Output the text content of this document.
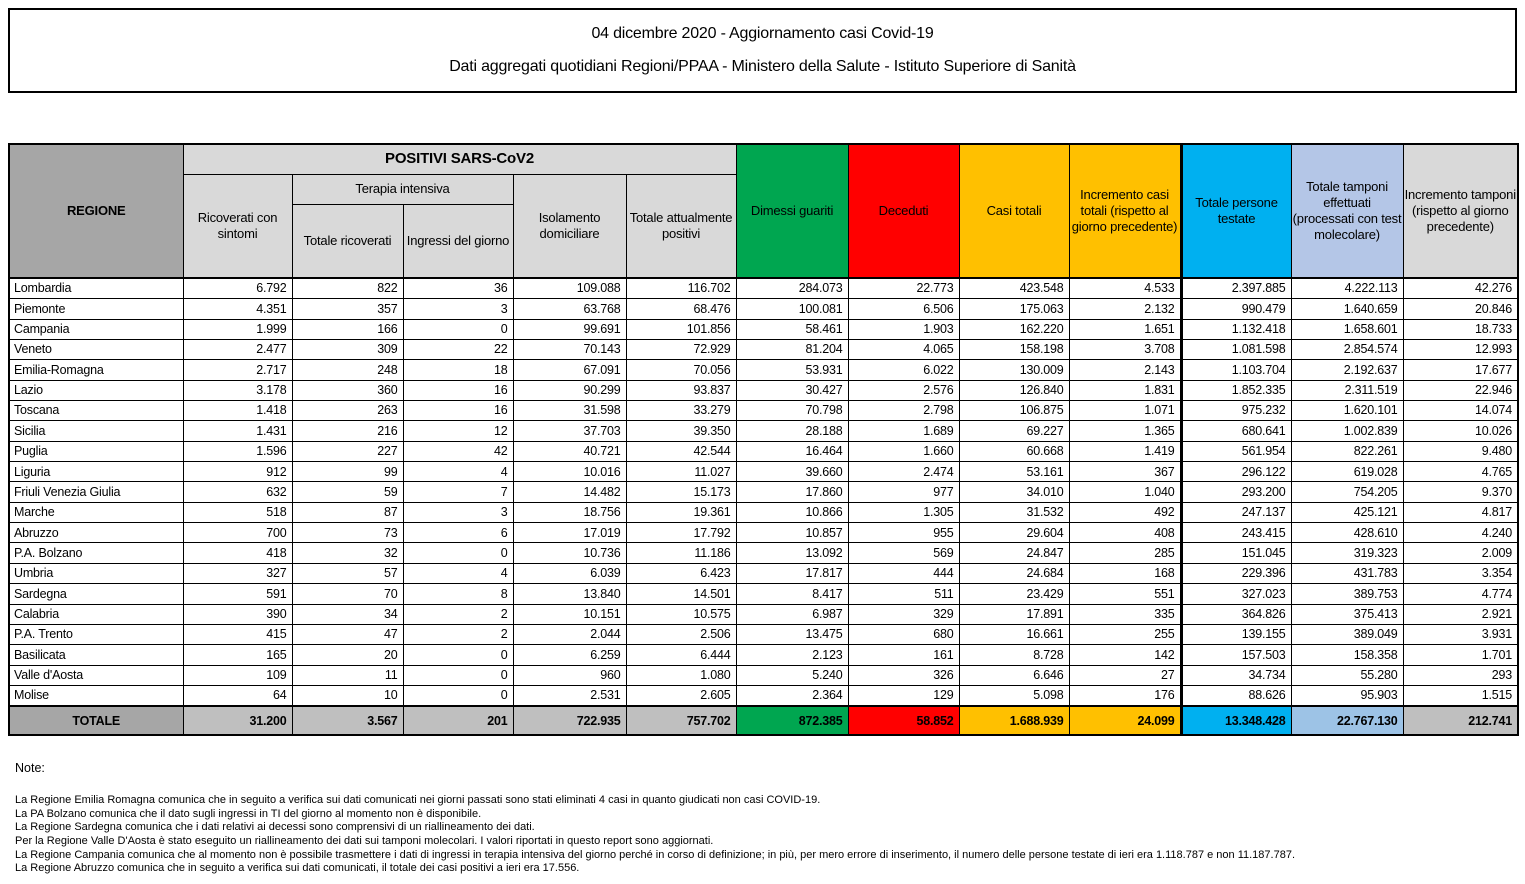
04 dicembre 2020 - Aggiornamento casi Covid-19
Dati aggregati quotidiani Regioni/PPAA - Ministero della Salute - Istituto Superiore di Sanità
REGIONE	POSITIVI SARS-CoV2					Dimessi guariti	Deceduti	Casi totali	Incremento casi totali (rispetto al giorno precedente)	Totale persone testate	Totale tamponi effettuati (processati con test molecolare)	Incremento tamponi (rispetto al giorno precedente)
	Ricoverati con sintomi	Terapia intensiva		Isolamento domiciliare	Totale attualmente positivi							
		Totale ricoverati	Ingressi del giorno									
Lombardia	6.792	822	36	109.088	116.702	284.073	22.773	423.548	4.533	2.397.885	4.222.113	42.276
Piemonte	4.351	357	3	63.768	68.476	100.081	6.506	175.063	2.132	990.479	1.640.659	20.846
Campania	1.999	166	0	99.691	101.856	58.461	1.903	162.220	1.651	1.132.418	1.658.601	18.733
Veneto	2.477	309	22	70.143	72.929	81.204	4.065	158.198	3.708	1.081.598	2.854.574	12.993
Emilia-Romagna	2.717	248	18	67.091	70.056	53.931	6.022	130.009	2.143	1.103.704	2.192.637	17.677
Lazio	3.178	360	16	90.299	93.837	30.427	2.576	126.840	1.831	1.852.335	2.311.519	22.946
Toscana	1.418	263	16	31.598	33.279	70.798	2.798	106.875	1.071	975.232	1.620.101	14.074
Sicilia	1.431	216	12	37.703	39.350	28.188	1.689	69.227	1.365	680.641	1.002.839	10.026
Puglia	1.596	227	42	40.721	42.544	16.464	1.660	60.668	1.419	561.954	822.261	9.480
Liguria	912	99	4	10.016	11.027	39.660	2.474	53.161	367	296.122	619.028	4.765
Friuli Venezia Giulia	632	59	7	14.482	15.173	17.860	977	34.010	1.040	293.200	754.205	9.370
Marche	518	87	3	18.756	19.361	10.866	1.305	31.532	492	247.137	425.121	4.817
Abruzzo	700	73	6	17.019	17.792	10.857	955	29.604	408	243.415	428.610	4.240
P.A. Bolzano	418	32	0	10.736	11.186	13.092	569	24.847	285	151.045	319.323	2.009
Umbria	327	57	4	6.039	6.423	17.817	444	24.684	168	229.396	431.783	3.354
Sardegna	591	70	8	13.840	14.501	8.417	511	23.429	551	327.023	389.753	4.774
Calabria	390	34	2	10.151	10.575	6.987	329	17.891	335	364.826	375.413	2.921
P.A. Trento	415	47	2	2.044	2.506	13.475	680	16.661	255	139.155	389.049	3.931
Basilicata	165	20	0	6.259	6.444	2.123	161	8.728	142	157.503	158.358	1.701
Valle d'Aosta	109	11	0	960	1.080	5.240	326	6.646	27	34.734	55.280	293
Molise	64	10	0	2.531	2.605	2.364	129	5.098	176	88.626	95.903	1.515
TOTALE	31.200	3.567	201	722.935	757.702	872.385	58.852	1.688.939	24.099	13.348.428	22.767.130	212.741
Note:
La Regione Emilia Romagna comunica che in seguito a verifica sui dati comunicati nei giorni passati sono stati eliminati 4 casi in quanto giudicati non casi COVID-19.
La PA Bolzano comunica che il dato sugli ingressi in TI del giorno al momento non è disponibile.
La Regione Sardegna comunica che i dati relativi ai decessi sono comprensivi di un riallineamento dei dati.
Per la Regione Valle D'Aosta è stato eseguito un riallineamento dei dati sui tamponi molecolari. I valori riportati in questo report sono aggiornati.
La Regione Campania comunica che al momento non è possibile trasmettere i dati di ingressi in terapia intensiva del giorno perché in corso di definizione; in più, per mero errore di inserimento, il numero delle persone testate di ieri era 1.118.787 e non 11.187.787.
La Regione Abruzzo comunica che in seguito a verifica sui dati comunicati, il totale dei casi positivi a ieri era 17.556.
